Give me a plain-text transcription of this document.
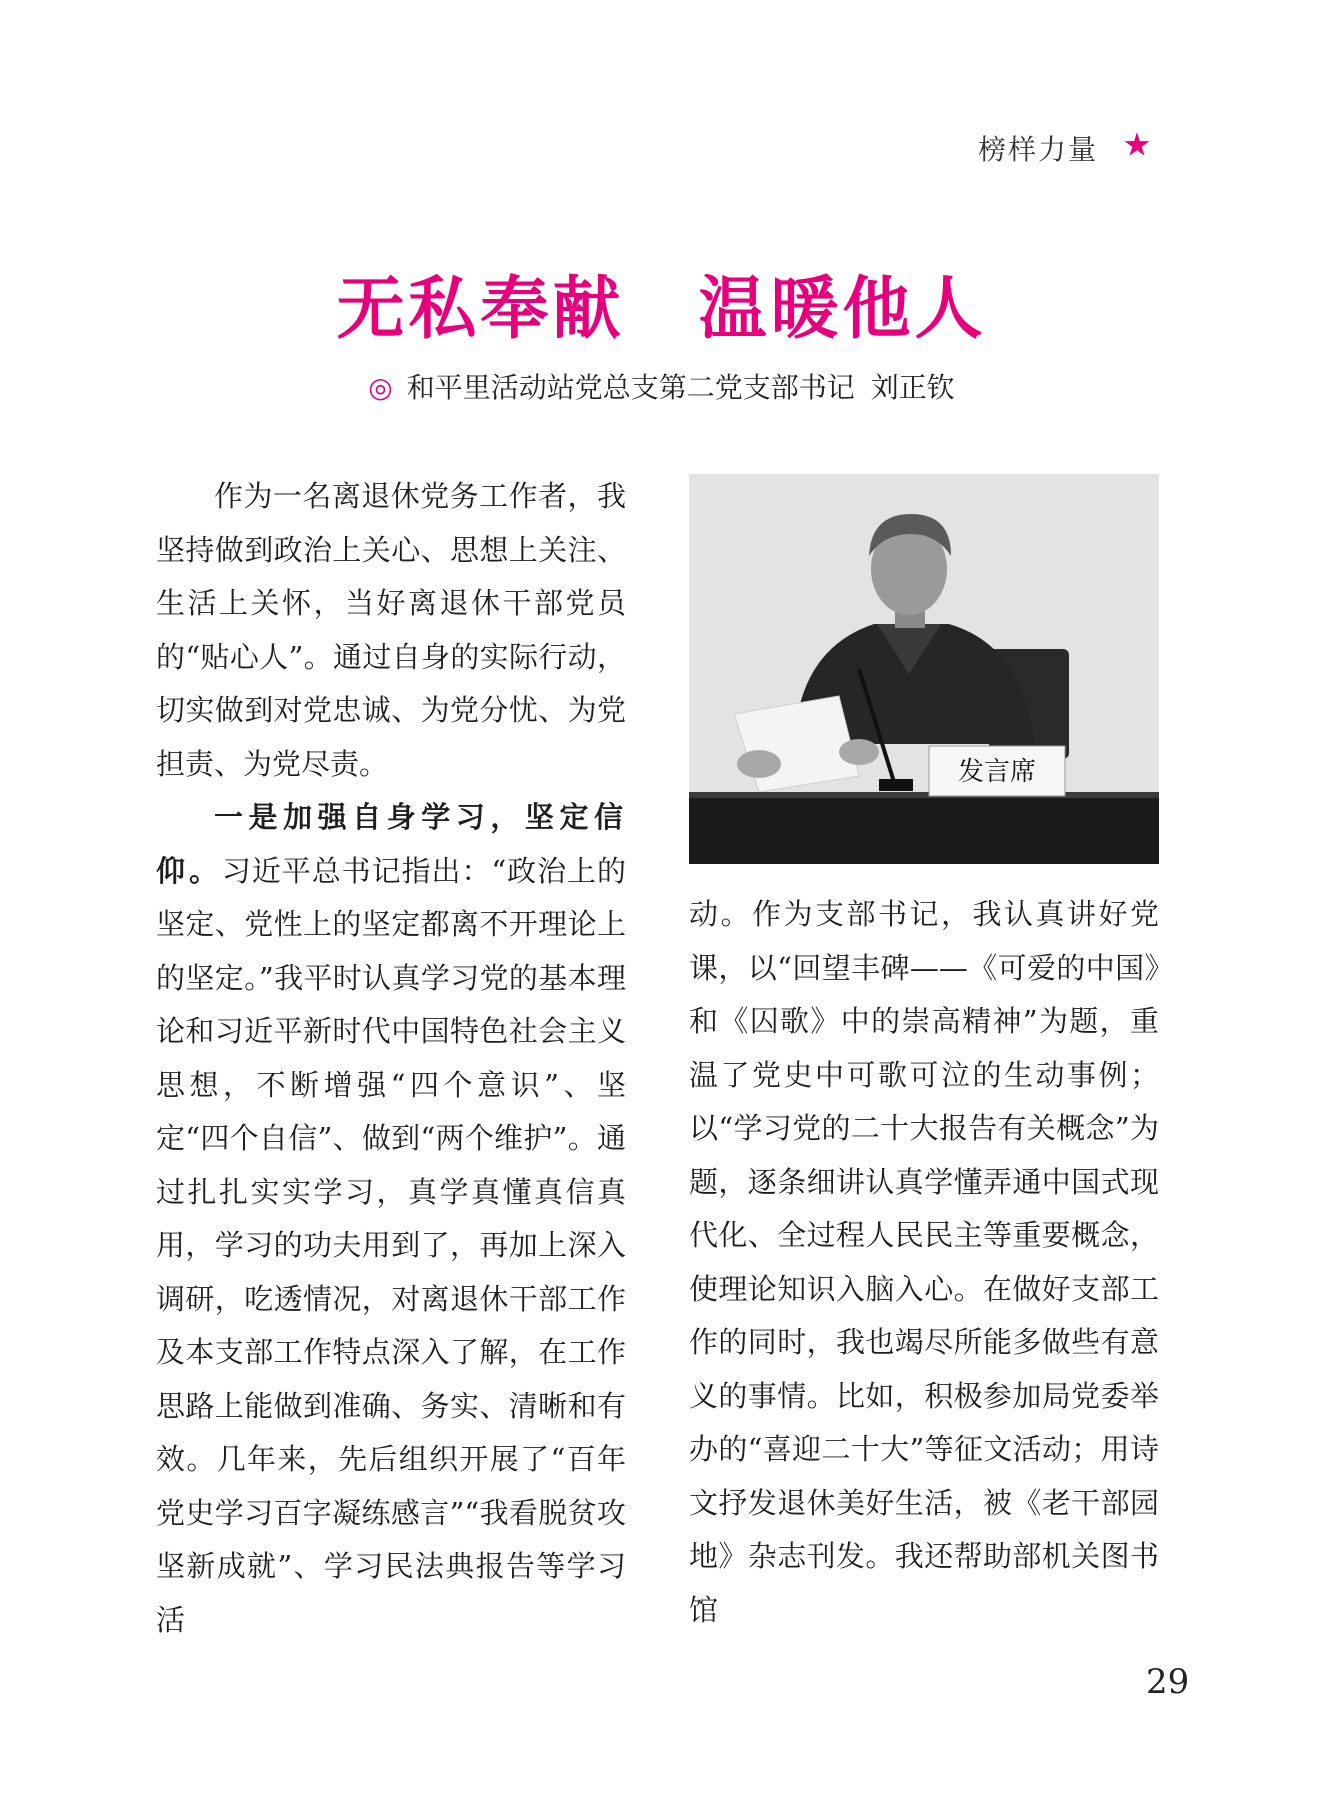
榜样力量
无私奉献 温暖他人
◎ 和平里活动站党总支第二党支部书记 刘正钦

作为一名离退休党务工作者，我坚持做到政治上关心、思想上关注、生活上关怀，当好离退休干部党员的“贴心人”。通过自身的实际行动，切实做到对党忠诚、为党分忧、为党担责、为党尽责。

一是加强自身学习，坚定信仰。习近平总书记指出：“政治上的坚定、党性上的坚定都离不开理论上的坚定。”我平时认真学习党的基本理论和习近平新时代中国特色社会主义思想，不断增强“四个意识”、坚定“四个自信”、做到“两个维护”。通过扎扎实实学习，真学真懂真信真用，学习的功夫用到了，再加上深入调研，吃透情况，对离退休干部工作及本支部工作特点深入了解，在工作思路上能做到准确、务实、清晰和有效。几年来，先后组织开展了“百年党史学习百字凝练感言”“我看脱贫攻坚新成就”、学习民法典报告等学习活

发言席

动。作为支部书记，我认真讲好党课，以“回望丰碑——《可爱的中国》和《囚歌》中的崇高精神”为题，重温了党史中可歌可泣的生动事例；以“学习党的二十大报告有关概念”为题，逐条细讲认真学懂弄通中国式现代化、全过程人民民主等重要概念，使理论知识入脑入心。在做好支部工作的同时，我也竭尽所能多做些有意义的事情。比如，积极参加局党委举办的“喜迎二十大”等征文活动；用诗文抒发退休美好生活，被《老干部园地》杂志刊发。我还帮助部机关图书馆

29
